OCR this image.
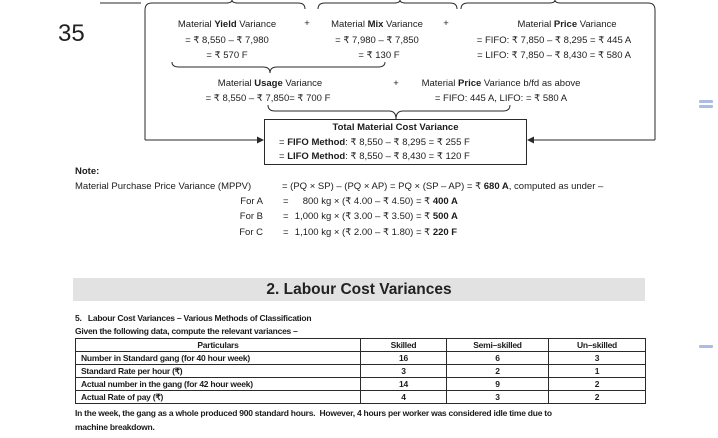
35	Material Yield Variance
= ₹ 8,550 – ₹ 7,980
= ₹ 570 F
+	Material Mix Variance
= ₹ 7,980 – ₹ 7,850
= ₹ 130 F
+	Material Price Variance
= FIFO: ₹ 7,850 – ₹ 8,295 = ₹ 445 A
= LIFO: ₹ 7,850 – ₹ 8,430 = ₹ 580 A
Material Usage Variance
= ₹ 8,550 – ₹ 7,850= ₹ 700 F
+	Material Price Variance b/fd as above
= FIFO: 445 A, LIFO: = ₹ 580 A
Total Material Cost Variance
= FIFO Method: ₹ 8,550 – ₹ 8,295 = ₹ 255 F
= LIFO Method: ₹ 8,550 – ₹ 8,430 = ₹ 120 F
Note:
Material Purchase Price Variance (MPPV)	= (PQ × SP) – (PQ × AP) = PQ × (SP – AP) = ₹ 680 A, computed as under –
For A = 800 kg × (₹ 4.00 – ₹ 4.50) = ₹ 400 A
For B = 1,000 kg × (₹ 3.00 – ₹ 3.50) = ₹ 500 A
For C = 1,100 kg × (₹ 2.00 – ₹ 1.80) = ₹ 220 F
2. Labour Cost Variances
5.   Labour Cost Variances – Various Methods of Classification
Given the following data, compute the relevant variances –
Particulars	Skilled	Semi–skilled	Un–skilled
Number in Standard gang (for 40 hour week)	16	6	3
Standard Rate per hour (₹)	3	2	1
Actual number in the gang (for 42 hour week)	14	9	2
Actual Rate of pay (₹)	4	3	2
In the week, the gang as a whole produced 900 standard hours.  However, 4 hours per worker was considered idle time due to
machine breakdown.
